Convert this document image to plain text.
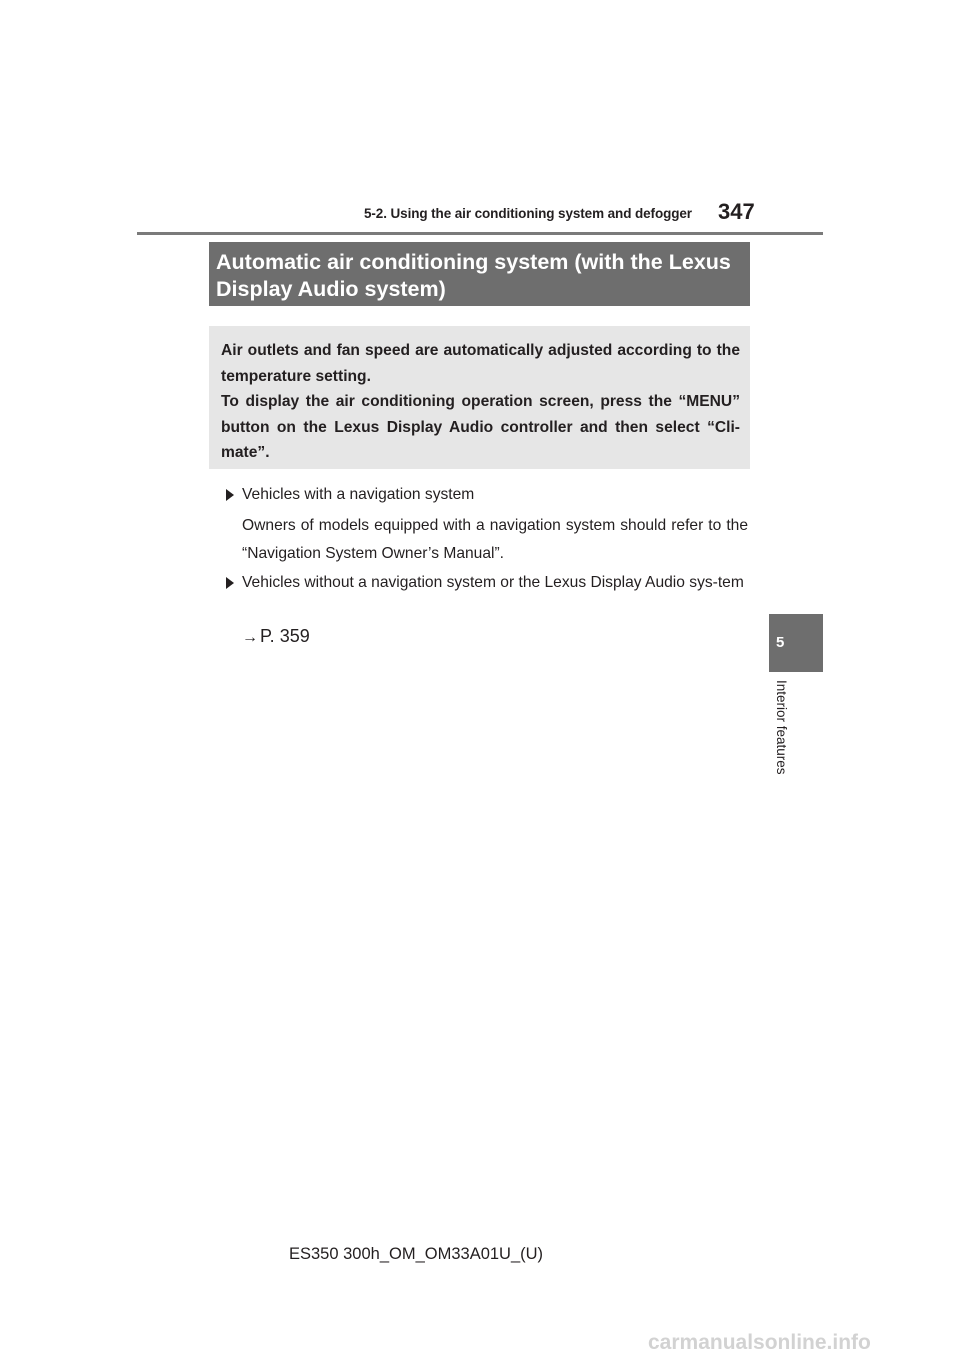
5-2. Using the air conditioning system and defogger 347
Automatic air conditioning system (with the Lexus
Display Audio system)

Air outlets and fan speed are automatically adjusted according to the temperature setting.

To display the air conditioning operation screen, press the “MENU” button on the Lexus Display Audio controller and then select “Cli-mate”.

Vehicles with a navigation system
Owners of models equipped with a navigation system should refer to the “Navigation System Owner’s Manual”.
Vehicles without a navigation system or the Lexus Display Audio sys-tem
→ P. 359	5
Interior features
ES350 300h_OM_OM33A01U_(U)
carmanualsonline.info
